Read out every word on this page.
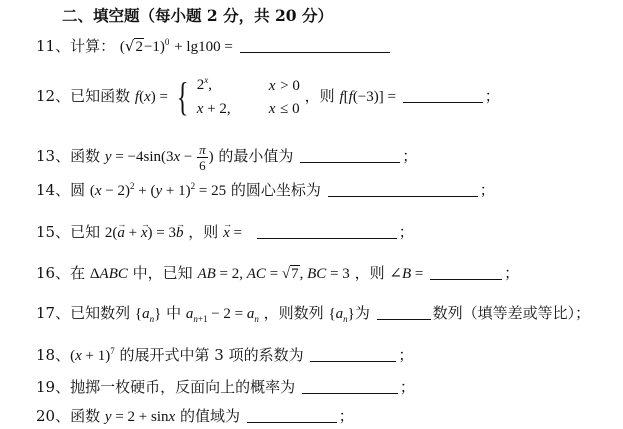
二、填空题（每小题 2 分，共 20 分）
11、计算： $(√2-1)^0 + \lg 100$ =
12、已知函数 f(x) = { 2$^x$,	x > 0
x + 2,	x ≤ 0
，则 f[f(−3)] =	；
13、函数 $y = -4\sin(3x - \frac{\pi}{6}$ ) 的最小值为	；
14、圆 $(x - 2)^2 + (y + 1)^2 = 25$ 的圆心坐标为	；
15、已知 2(→ a + → x) = 3→ b ，则 → x =	；
16、在 ΔABC 中，已知 AB = 2, AC = √7, BC = 3 ，则 ∠B =	；
17、已知数列 $\{a_n\}$ 中 $a_{n+1} - 2 = a_n$ ，则数列 $\{a_n\}$为	数列（填等差或等比）；
18、$(x + 1)^7$ 的展开式中第 3 项的系数为	；
19、抛掷一枚硬币，反面向上的概率为	；
20、函数 y = 2 + sinx 的值域为	；
